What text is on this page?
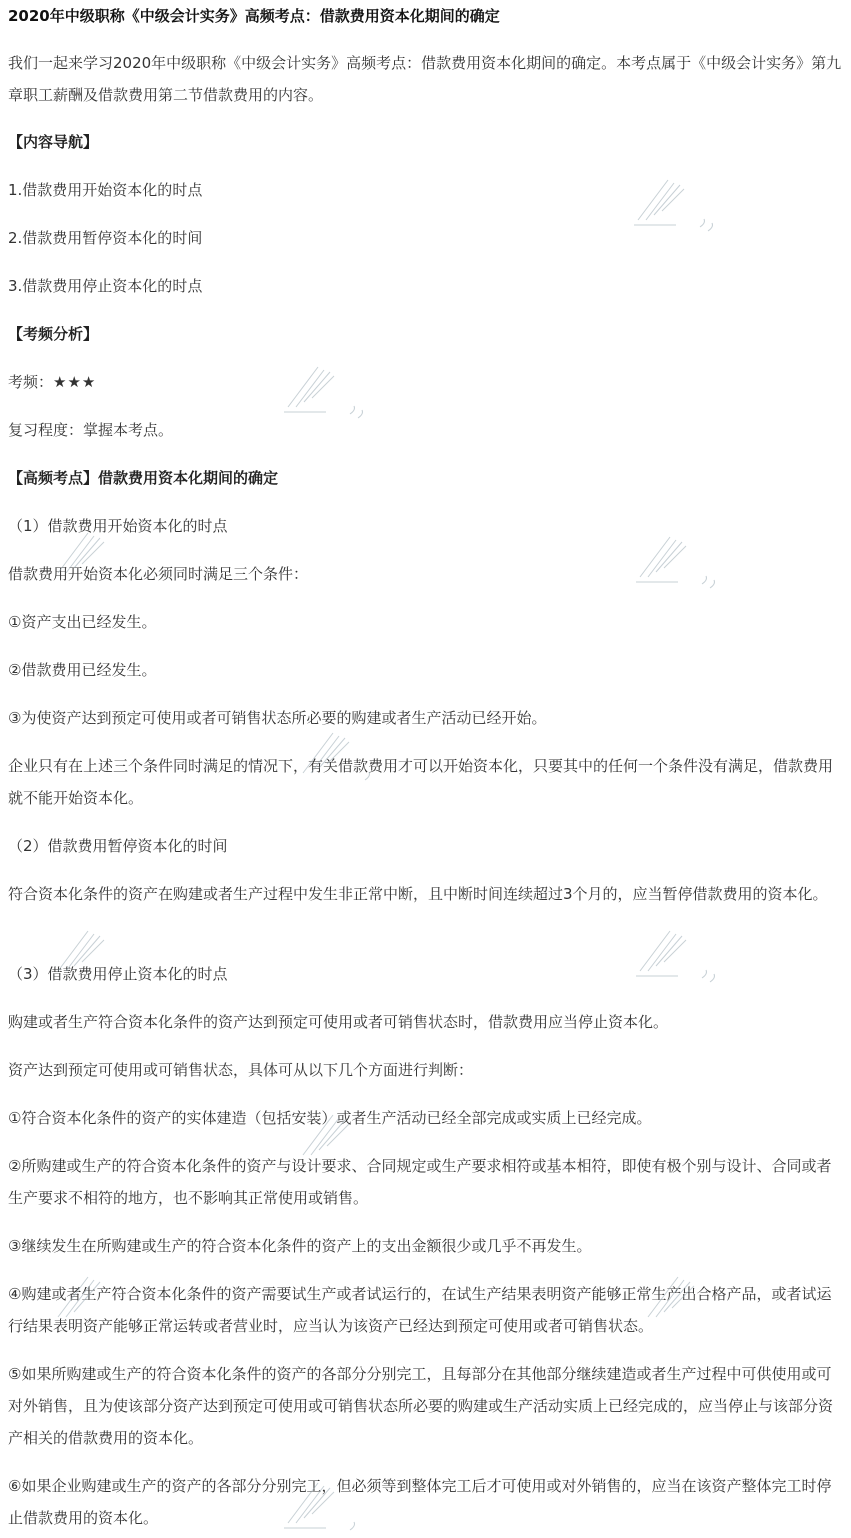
2020年中级职称《中级会计实务》高频考点：借款费用资本化期间的确定

我们一起来学习2020年中级职称《中级会计实务》高频考点：借款费用资本化期间的确定。本考点属于《中级会计实务》第九章职工薪酬及借款费用第二节借款费用的内容。

【内容导航】

1.借款费用开始资本化的时点

2.借款费用暂停资本化的时间

3.借款费用停止资本化的时点

【考频分析】

考频：★★★

复习程度：掌握本考点。

【高频考点】借款费用资本化期间的确定

（1）借款费用开始资本化的时点

借款费用开始资本化必须同时满足三个条件：

①资产支出已经发生。

②借款费用已经发生。

③为使资产达到预定可使用或者可销售状态所必要的购建或者生产活动已经开始。

企业只有在上述三个条件同时满足的情况下，有关借款费用才可以开始资本化，只要其中的任何一个条件没有满足，借款费用就不能开始资本化。

（2）借款费用暂停资本化的时间

符合资本化条件的资产在购建或者生产过程中发生非正常中断，且中断时间连续超过3个月的，应当暂停借款费用的资本化。

（3）借款费用停止资本化的时点

购建或者生产符合资本化条件的资产达到预定可使用或者可销售状态时，借款费用应当停止资本化。

资产达到预定可使用或可销售状态，具体可从以下几个方面进行判断：

①符合资本化条件的资产的实体建造（包括安装）或者生产活动已经全部完成或实质上已经完成。

②所购建或生产的符合资本化条件的资产与设计要求、合同规定或生产要求相符或基本相符，即使有极个别与设计、合同或者生产要求不相符的地方，也不影响其正常使用或销售。

③继续发生在所购建或生产的符合资本化条件的资产上的支出金额很少或几乎不再发生。

④购建或者生产符合资本化条件的资产需要试生产或者试运行的，在试生产结果表明资产能够正常生产出合格产品，或者试运行结果表明资产能够正常运转或者营业时，应当认为该资产已经达到预定可使用或者可销售状态。

⑤如果所购建或生产的符合资本化条件的资产的各部分分别完工，且每部分在其他部分继续建造或者生产过程中可供使用或可对外销售，且为使该部分资产达到预定可使用或可销售状态所必要的购建或生产活动实质上已经完成的，应当停止与该部分资产相关的借款费用的资本化。

⑥如果企业购建或生产的资产的各部分分别完工，但必须等到整体完工后才可使用或对外销售的，应当在该资产整体完工时停止借款费用的资本化。
